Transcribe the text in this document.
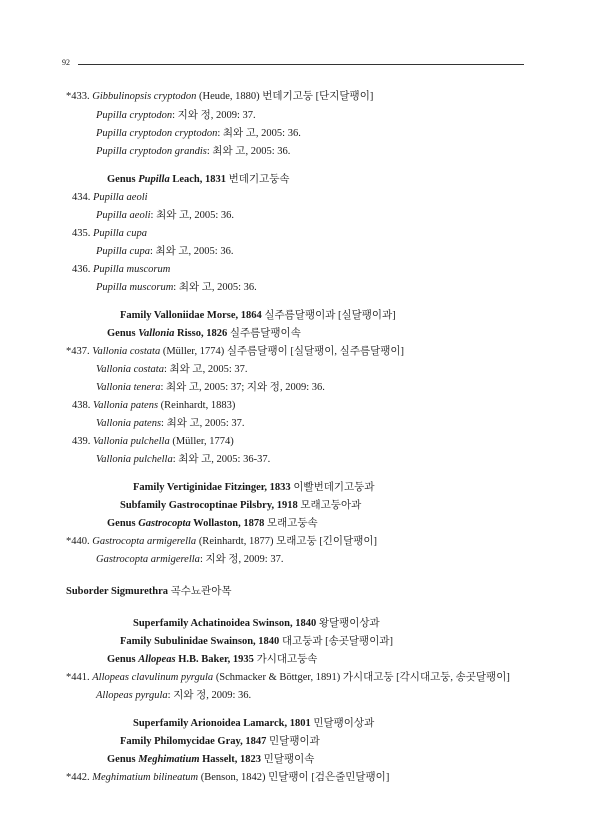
92
*433. Gibbulinopsis cryptodon (Heude, 1880) 번데기고둥 [단지달팽이]
Pupilla cryptodon: 지와 정, 2009: 37.
Pupilla cryptodon cryptodon: 최와 고, 2005: 36.
Pupilla cryptodon grandis: 최와 고, 2005: 36.
Genus Pupilla Leach, 1831 번데기고둥속
434. Pupilla aeoli
Pupilla aeoli: 최와 고, 2005: 36.
435. Pupilla cupa
Pupilla cupa: 최와 고, 2005: 36.
436. Pupilla muscorum
Pupilla muscorum: 최와 고, 2005: 36.
Family Valloniidae Morse, 1864 실주름달팽이과 [실달팽이과]
Genus Vallonia Risso, 1826 실주름달팽이속
*437. Vallonia costata (Müller, 1774) 실주름달팽이 [실달팽이, 실주름달팽이]
Vallonia costata: 최와 고, 2005: 37.
Vallonia tenera: 최와 고, 2005: 37; 지와 정, 2009: 36.
438. Vallonia patens (Reinhardt, 1883)
Vallonia patens: 최와 고, 2005: 37.
439. Vallonia pulchella (Müller, 1774)
Vallonia pulchella: 최와 고, 2005: 36-37.
Family Vertiginidae Fitzinger, 1833 이빨번데기고둥과
Subfamily Gastrocoptinae Pilsbry, 1918 모래고둥아과
Genus Gastrocopta Wollaston, 1878 모래고둥속
*440. Gastrocopta armigerella (Reinhardt, 1877) 모래고둥 [긴이달팽이]
Gastrocopta armigerella: 지와 정, 2009: 37.
Suborder Sigmurethra 곡수뇨관아목
Superfamily Achatinoidea Swinson, 1840 왕달팽이상과
Family Subulinidae Swainson, 1840 대고둥과 [송곳달팽이과]
Genus Allopeas H.B. Baker, 1935 가시대고둥속
*441. Allopeas clavulinum pyrgula (Schmacker & Böttger, 1891) 가시대고둥 [각시대고둥, 송곳달팽이]
Allopeas pyrgula: 지와 정, 2009: 36.
Superfamily Arionoidea Lamarck, 1801 민달팽이상과
Family Philomycidae Gray, 1847 민달팽이과
Genus Meghimatium Hasselt, 1823 민달팽이속
*442. Meghimatium bilineatum (Benson, 1842) 민달팽이 [검은줄민달팽이]
